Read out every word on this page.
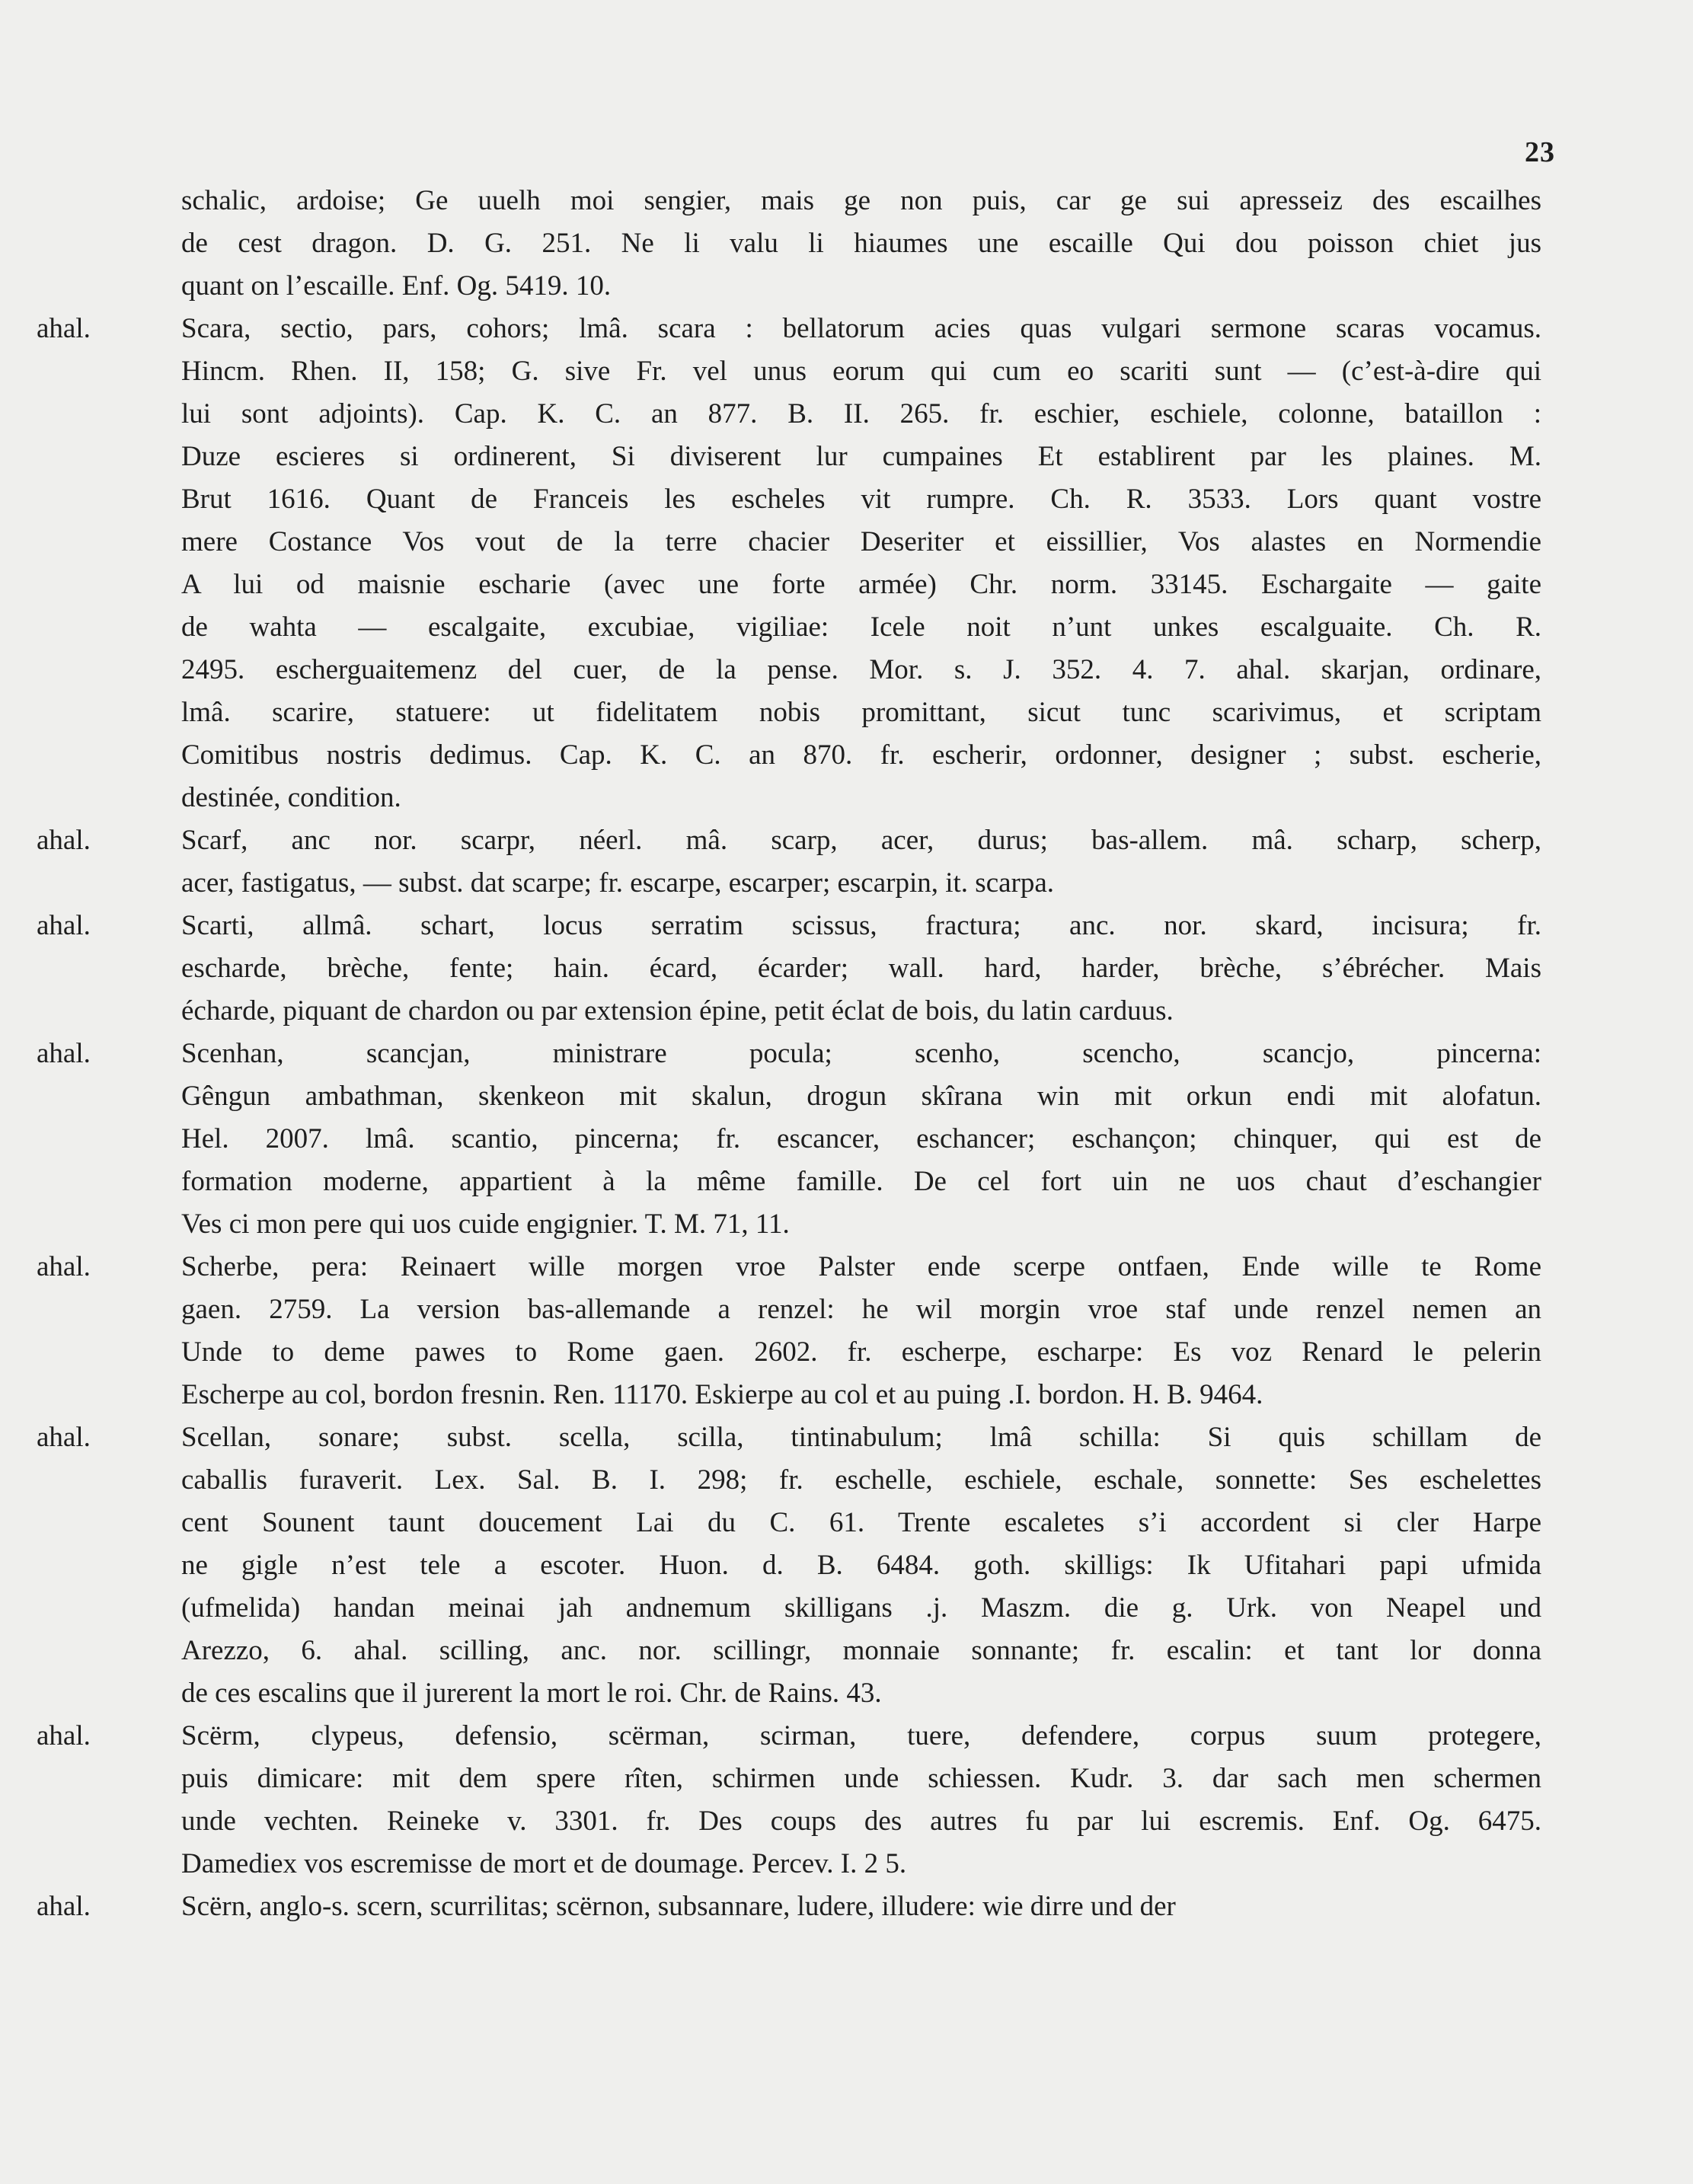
23
schalic, ardoise; Ge uuelh moi sengier, mais ge non puis, car ge sui apresseiz des escailhes
de cest dragon. D. G. 251. Ne li valu li hiaumes une escaille Qui dou poisson chiet jus
quant on l’escaille. Enf. Og. 5419. 10.
ahal.	Scara, sectio, pars, cohors; lmâ. scara : bellatorum acies quas vulgari sermone scaras vocamus.
Hincm. Rhen. II, 158; G. sive Fr. vel unus eorum qui cum eo scariti sunt — (c’est-à-dire qui
lui sont adjoints). Cap. K. C. an 877. B. II. 265. fr. eschier, eschiele, colonne, bataillon :
Duze escieres si ordinerent, Si diviserent lur cumpaines Et establirent par les plaines. M.
Brut 1616. Quant de Franceis les escheles vit rumpre. Ch. R. 3533. Lors quant vostre
mere Costance Vos vout de la terre chacier Deseriter et eissillier, Vos alastes en Normendie
A lui od maisnie escharie (avec une forte armée) Chr. norm. 33145. Eschargaite — gaite
de wahta — escalgaite, excubiae, vigiliae: Icele noit n’unt unkes escalguaite. Ch. R.
2495. escherguaitemenz del cuer, de la pense. Mor. s. J. 352. 4. 7. ahal. skarjan, ordinare,
lmâ. scarire, statuere: ut fidelitatem nobis promittant, sicut tunc scarivimus, et scriptam
Comitibus nostris dedimus. Cap. K. C. an 870. fr. escherir, ordonner, designer ; subst. escherie,
destinée, condition.
ahal.	Scarf, anc nor. scarpr, néerl. mâ. scarp, acer, durus; bas-allem. mâ. scharp, scherp,
acer, fastigatus, — subst. dat scarpe; fr. escarpe, escarper; escarpin, it. scarpa.
ahal.	Scarti, allmâ. schart, locus serratim scissus, fractura; anc. nor. skard, incisura; fr.
escharde, brèche, fente; hain. écard, écarder; wall. hard, harder, brèche, s’ébrécher. Mais
écharde, piquant de chardon ou par extension épine, petit éclat de bois, du latin carduus.
ahal.	Scenhan, scancjan, ministrare pocula; scenho, scencho, scancjo, pincerna:
Gêngun ambathman, skenkeon mit skalun, drogun skîrana win mit orkun endi mit alofatun.
Hel. 2007. lmâ. scantio, pincerna; fr. escancer, eschancer; eschançon; chinquer, qui est de
formation moderne, appartient à la même famille. De cel fort uin ne uos chaut d’eschangier
Ves ci mon pere qui uos cuide engignier. T. M. 71, 11.
ahal.	Scherbe, pera: Reinaert wille morgen vroe Palster ende scerpe ontfaen, Ende wille te Rome
gaen. 2759. La version bas-allemande a renzel: he wil morgin vroe staf unde renzel nemen an
Unde to deme pawes to Rome gaen. 2602. fr. escherpe, escharpe: Es voz Renard le pelerin
Escherpe au col, bordon fresnin. Ren. 11170. Eskierpe au col et au puing .I. bordon. H. B. 9464.
ahal.	Scellan, sonare; subst. scella, scilla, tintinabulum; lmâ schilla: Si quis schillam de
caballis furaverit. Lex. Sal. B. I. 298; fr. eschelle, eschiele, eschale, sonnette: Ses eschelettes
cent Sounent taunt doucement Lai du C. 61. Trente escaletes s’i accordent si cler Harpe
ne gigle n’est tele a escoter. Huon. d. B. 6484. goth. skilligs: Ik Ufitahari papi ufmida
(ufmelida) handan meinai jah andnemum skilligans .j. Maszm. die g. Urk. von Neapel und
Arezzo, 6. ahal. scilling, anc. nor. scillingr, monnaie sonnante; fr. escalin: et tant lor donna
de ces escalins que il jurerent la mort le roi. Chr. de Rains. 43.
ahal.	Scërm, clypeus, defensio, scërman, scirman, tuere, defendere, corpus suum protegere,
puis dimicare: mit dem spere rîten, schirmen unde schiessen. Kudr. 3. dar sach men schermen
unde vechten. Reineke v. 3301. fr. Des coups des autres fu par lui escremis. Enf. Og. 6475.
Damediex vos escremisse de mort et de doumage. Percev. I. 2 5.
ahal.	Scërn, anglo-s. scern, scurrilitas; scërnon, subsannare, ludere, illudere: wie dirre und der
